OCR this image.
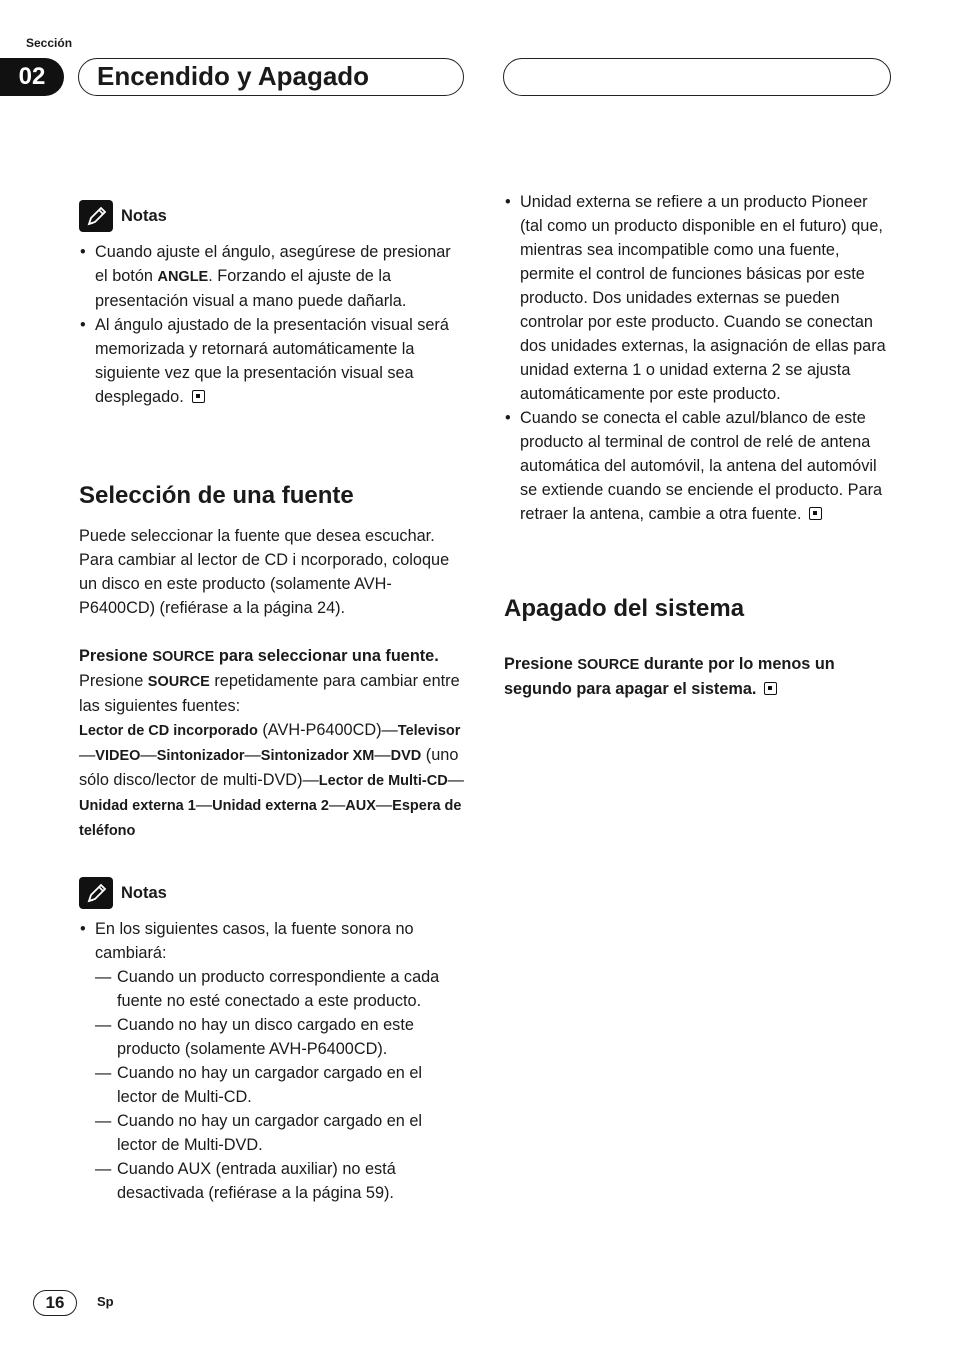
Sección
02	Encendido y Apagado
Notas
• Cuando ajuste el ángulo, asegúrese de presionar el botón ANGLE. Forzando el ajuste de la presentación visual a mano puede dañarla.
• Al ángulo ajustado de la presentación visual será memorizada y retornará automáticamente la siguiente vez que la presentación visual sea desplegado.

Selección de una fuente

Puede seleccionar la fuente que desea escuchar. Para cambiar al lector de CD i ncorporado, coloque un disco en este producto (solamente AVH-P6400CD) (refiérase a la página 24).

Presione SOURCE para seleccionar una fuente.

Presione SOURCE repetidamente para cambiar entre las siguientes fuentes:

Lector de CD incorporado (AVH-P6400CD)—Televisor—VIDEO—Sintonizador—Sintonizador XM—DVD (uno sólo disco/lector de multi-DVD)—Lector de Multi-CD—Unidad externa 1—Unidad externa 2—AUX—Espera de teléfono

Notas
• En los siguientes casos, la fuente sonora no cambiará:
— Cuando un producto correspondiente a cada fuente no esté conectado a este producto.
— Cuando no hay un disco cargado en este producto (solamente AVH-P6400CD).
— Cuando no hay un cargador cargado en el lector de Multi-CD.
— Cuando no hay un cargador cargado en el lector de Multi-DVD.
— Cuando AUX (entrada auxiliar) no está desactivada (refiérase a la página 59).
• Unidad externa se refiere a un producto Pioneer (tal como un producto disponible en el futuro) que, mientras sea incompatible como una fuente, permite el control de funciones básicas por este producto. Dos unidades externas se pueden controlar por este producto. Cuando se conectan dos unidades externas, la asignación de ellas para unidad externa 1 o unidad externa 2 se ajusta automáticamente por este producto.
• Cuando se conecta el cable azul/blanco de este producto al terminal de control de relé de antena automática del automóvil, la antena del automóvil se extiende cuando se enciende el producto. Para retraer la antena, cambie a otra fuente.

Apagado del sistema

Presione SOURCE durante por lo menos un segundo para apagar el sistema.

16	Sp
